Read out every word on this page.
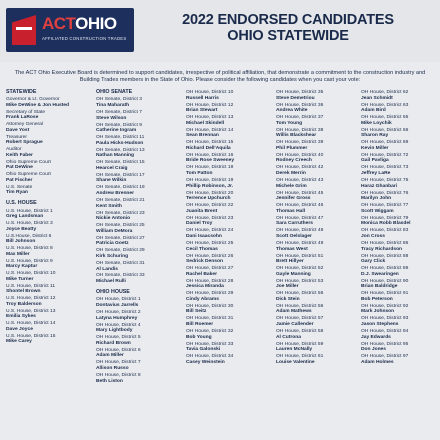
ACTOHIO
AFFILIATED CONSTRUCTION TRADES
2022 ENDORSED CANDIDATES
OHIO STATEWIDE
The ACT Ohio Executive Board is determined to support candidates, irrespective of political affiliation, that demonstrate a commitment to the construction industry and Building Trades members in the State of Ohio. Please consider the following candidates when you cast your vote:
STATEWIDE
Governor & Lt. Governor
Mike DeWine & Jon Husted
Secretary of State
Frank LaRose
Attorney General
Dave Yost
Treasurer
Robert Sprague
Auditor
Keith Faber
Ohio Supreme Court
Pat DeWine
Ohio Supreme Court
Pat Fischer
U.S. Senate
Tim Ryan
U.S. HOUSE
U.S. House, District 1
Greg Landsman
U.S. House, District 3
Joyce Beatty
U.S.House, District 6
Bill Johnson
U.S. House, District 8
Max Miller
U.S. House, District 9
Marcy Kaptur
U.S. House, District 10
Mike Turner
U.S. House, District 11
Shontel Brown
U.S. House, District 12
Troy Balderson
U.S. House, District 13
Emilia Sykes
U.S. House, District 14
Dave Joyce
U.S. House, District 15
Mike Carey
OHIO SENATE
OH Senate, District 3
Tina Maharath
OH Senate, District 7
Steve Wilson
OH Senate, District 9
Catherine Ingram
OH Senate, District 11
Paula Hicks-Hudson
OH Senate, District 13
Nathan Manning
OH Senate, District 15
Hearcel Craig
OH Senate, District 17
Shane Wilkin
OH Senate, District 19
Andrew Brenner
OH Senate, District 21
Kent Smith
OH Senate, District 23
Nickie Antonio
OH Senate, District 25
William DeMora
OH Senate, District 27
Patricia Goetz
OH Senate, District 29
Kirk Schuring
OH Senate, District 31
Al Landis
OH Senate, District 33
Michael Rulli
OHIO HOUSE
OH House, District 1
Dontavius Jarrells
OH House, District 2
Latyna Humphrey
OH House, District 4
Mary Lightbody
OH House, District 5
Richard Brown
OH House, District 6
Adam Miller
OH House, District 7
Allison Russo
OH House, District 8
Beth Liston
OH House, District 10
Russell Harris
OH House, District 12
Brian Stewart
OH House, District 13
Michael Skindell
OH House, District 14
Sean Brennan
OH House, District 15
Richard Dell'Aquila
OH House, District 16
Bride Rose Sweeney
OH House, District 19
Tom Patton
OH House, District 19
Phillip Robinson, Jr.
OH House, District 20
Terrence Upchurch
OH House, District 22
Juanita Brent
OH House, District 23
Daniel Troy
OH House, District 24
Dani Isaacsohn
OH House, District 25
Cecil Thomas
OH House, District 26
Sedrick Denson
OH House, District 27
Rachel Baker
OH House, District 28
Jessica Miranda
OH House, District 29
Cindy Abrams
OH House, District 30
Bill Seitz
OH House, District 31
Bill Roemer
OH House, District 32
Bob Young
OH House, District 33
Tavia Galonski
OH House, District 34
Casey Weinstein
OH House, District 35
Steve Demetriou
OH House, District 36
Andrea White
OH House, District 37
Tom Young
OH House, District 38
Willis Blackshear
OH House, District 39
Phil Plummer
OH House, District 40
Rodney Creech
OH House, District 42
Derek Merrin
OH House, District 43
Michele Grim
OH House, District 45
Jennifer Gross
OH House, District 46
Thomas Hall
OH House, District 47
Sara Carruthers
OH House, District 48
Scott Oelslager
OH House, District 49
Thomas West
OH House, District 51
Brett Hillyer
OH House, District 52
Gayle Manning
OH House, District 53
Joe Miller
OH House, District 56
Dick Stein
OH House, District 56
Adam Mathews
OH House, District 57
Jamie Callender
OH House, District 58
Al Cutrona
OH House, District 59
Lauren McNally
OH House, District 61
Louise Valentine
OH House, District 62
Jean Schmidt
OH House, District 63
Adam Bird
OH House, District 65
Mike Loychik
OH House, District 66
Sharon Ray
OH House, District 69
Kevin Miller
OH House, District 72
Gail Pavliga
OH House, District 73
Jeffrey LaRe
OH House, District 75
Haraz Ghanbari
OH House, District 76
Marilyn John
OH House, District 77
Scott Wiggam
OH House, District 79
Monica Robb Blasdel
OH House, District 83
Jon Cross
OH House, District 86
Tracy Richardson
OH House, District 88
Gary Click
OH House, District 89
D.J. Swearingen
OH House, District 90
Brian Baldridge
OH House, District 91
Bob Peterson
OH House, District 92
Mark Johnson
OH House, District 93
Jason Stephens
OH House, District 94
Jay Edwards
OH House, District 95
Don Jones
OH House, District 97
Adam Holmes
